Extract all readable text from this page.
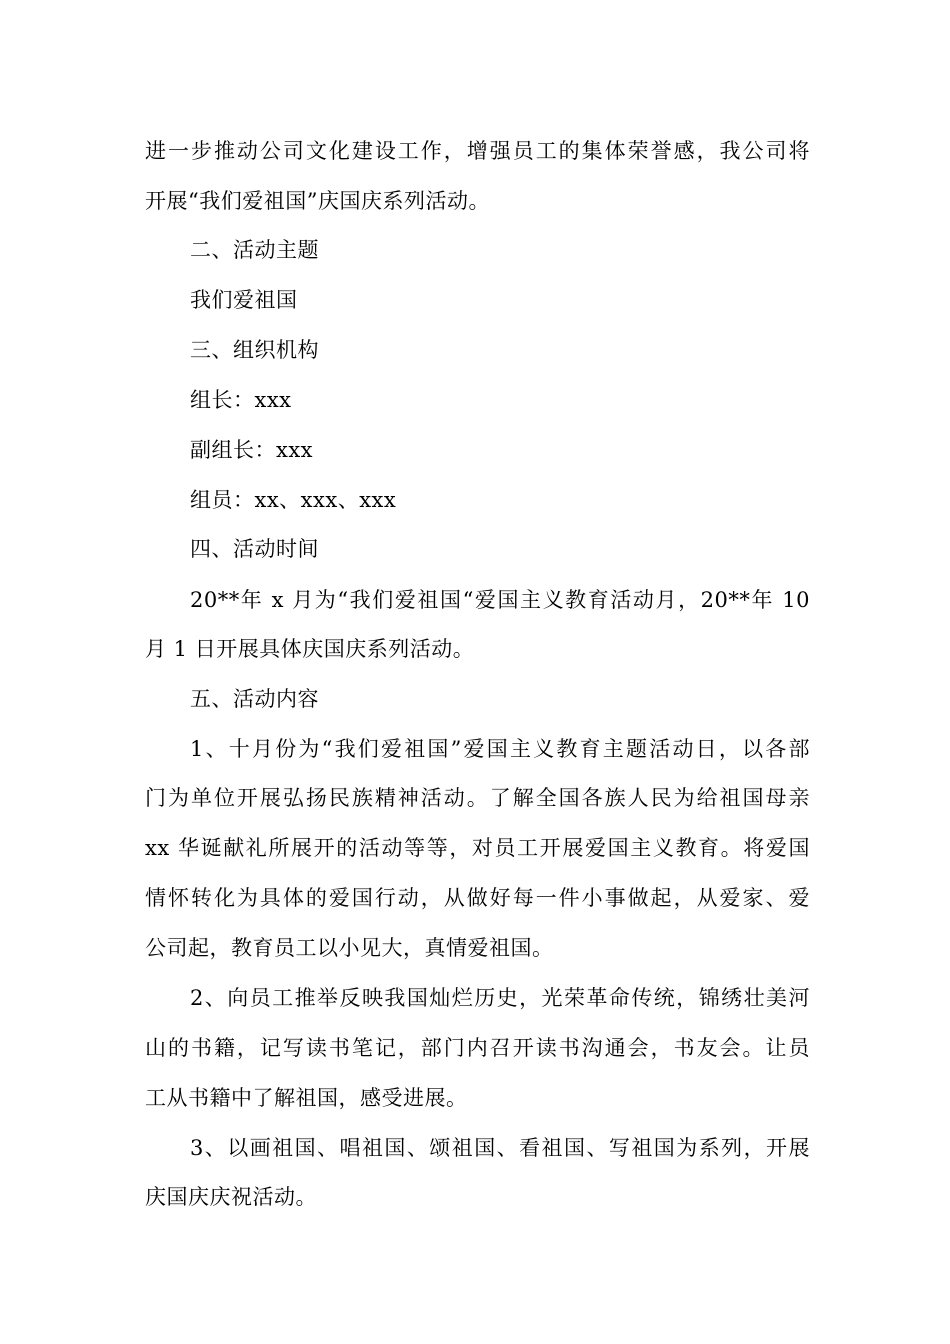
进一步推动公司文化建设工作，增强员工的集体荣誉感，我公司将
开展“我们爱祖国”庆国庆系列活动。
二、活动主题
我们爱祖国
三、组织机构
组长：xxx
副组长：xxx
组员：xx、xxx、xxx
四、活动时间
20**年 x 月为“我们爱祖国“爱国主义教育活动月，20**年 10
月 1 日开展具体庆国庆系列活动。
五、活动内容
1、十月份为“我们爱祖国”爱国主义教育主题活动日，以各部
门为单位开展弘扬民族精神活动。了解全国各族人民为给祖国母亲
xx 华诞献礼所展开的活动等等，对员工开展爱国主义教育。将爱国
情怀转化为具体的爱国行动，从做好每一件小事做起，从爱家、爱
公司起，教育员工以小见大，真情爱祖国。
2、向员工推举反映我国灿烂历史，光荣革命传统，锦绣壮美河
山的书籍，记写读书笔记，部门内召开读书沟通会，书友会。让员
工从书籍中了解祖国，感受进展。
3、以画祖国、唱祖国、颂祖国、看祖国、写祖国为系列，开展
庆国庆庆祝活动。
